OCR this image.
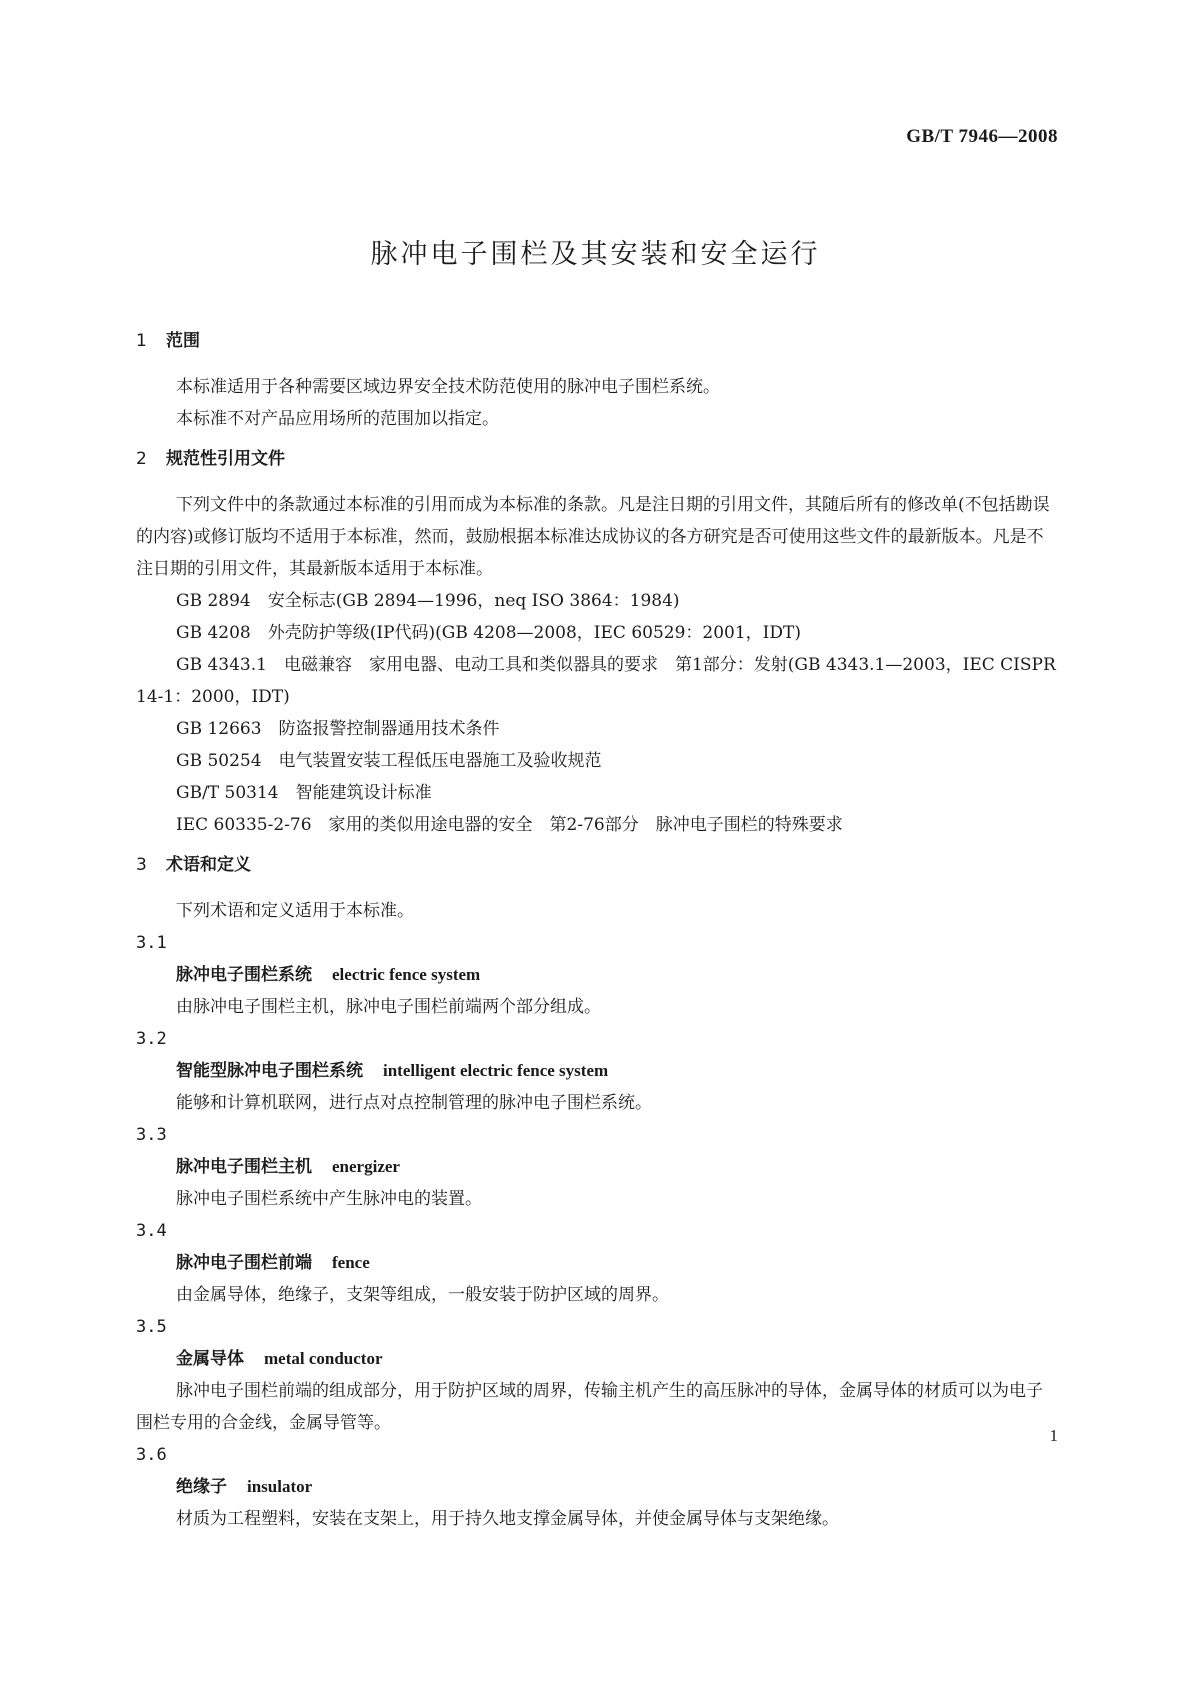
GB/T 7946—2008
脉冲电子围栏及其安装和安全运行
1 范围

本标准适用于各种需要区域边界安全技术防范使用的脉冲电子围栏系统。

本标准不对产品应用场所的范围加以指定。

2 规范性引用文件

下列文件中的条款通过本标准的引用而成为本标准的条款。凡是注日期的引用文件，其随后所有的修改单(不包括勘误的内容)或修订版均不适用于本标准，然而，鼓励根据本标准达成协议的各方研究是否可使用这些文件的最新版本。凡是不注日期的引用文件，其最新版本适用于本标准。

GB 2894　安全标志(GB 2894—1996，neq ISO 3864：1984)

GB 4208　外壳防护等级(IP代码)(GB 4208—2008，IEC 60529：2001，IDT)

GB 4343.1　电磁兼容　家用电器、电动工具和类似器具的要求　第1部分：发射(GB 4343.1—2003，IEC CISPR 14-1：2000，IDT)

GB 12663　防盗报警控制器通用技术条件

GB 50254　电气装置安装工程低压电器施工及验收规范

GB/T 50314　智能建筑设计标准

IEC 60335-2-76　家用的类似用途电器的安全　第2-76部分　脉冲电子围栏的特殊要求

3 术语和定义

下列术语和定义适用于本标准。

3.1
脉冲电子围栏系统 electric fence system
由脉冲电子围栏主机，脉冲电子围栏前端两个部分组成。
3.2
智能型脉冲电子围栏系统 intelligent electric fence system
能够和计算机联网，进行点对点控制管理的脉冲电子围栏系统。
3.3
脉冲电子围栏主机 energizer
脉冲电子围栏系统中产生脉冲电的装置。
3.4
脉冲电子围栏前端 fence
由金属导体，绝缘子，支架等组成，一般安装于防护区域的周界。
3.5
金属导体 metal conductor
脉冲电子围栏前端的组成部分，用于防护区域的周界，传输主机产生的高压脉冲的导体，金属导体的材质可以为电子围栏专用的合金线，金属导管等。
3.6
绝缘子 insulator
材质为工程塑料，安装在支架上，用于持久地支撑金属导体，并使金属导体与支架绝缘。
1
